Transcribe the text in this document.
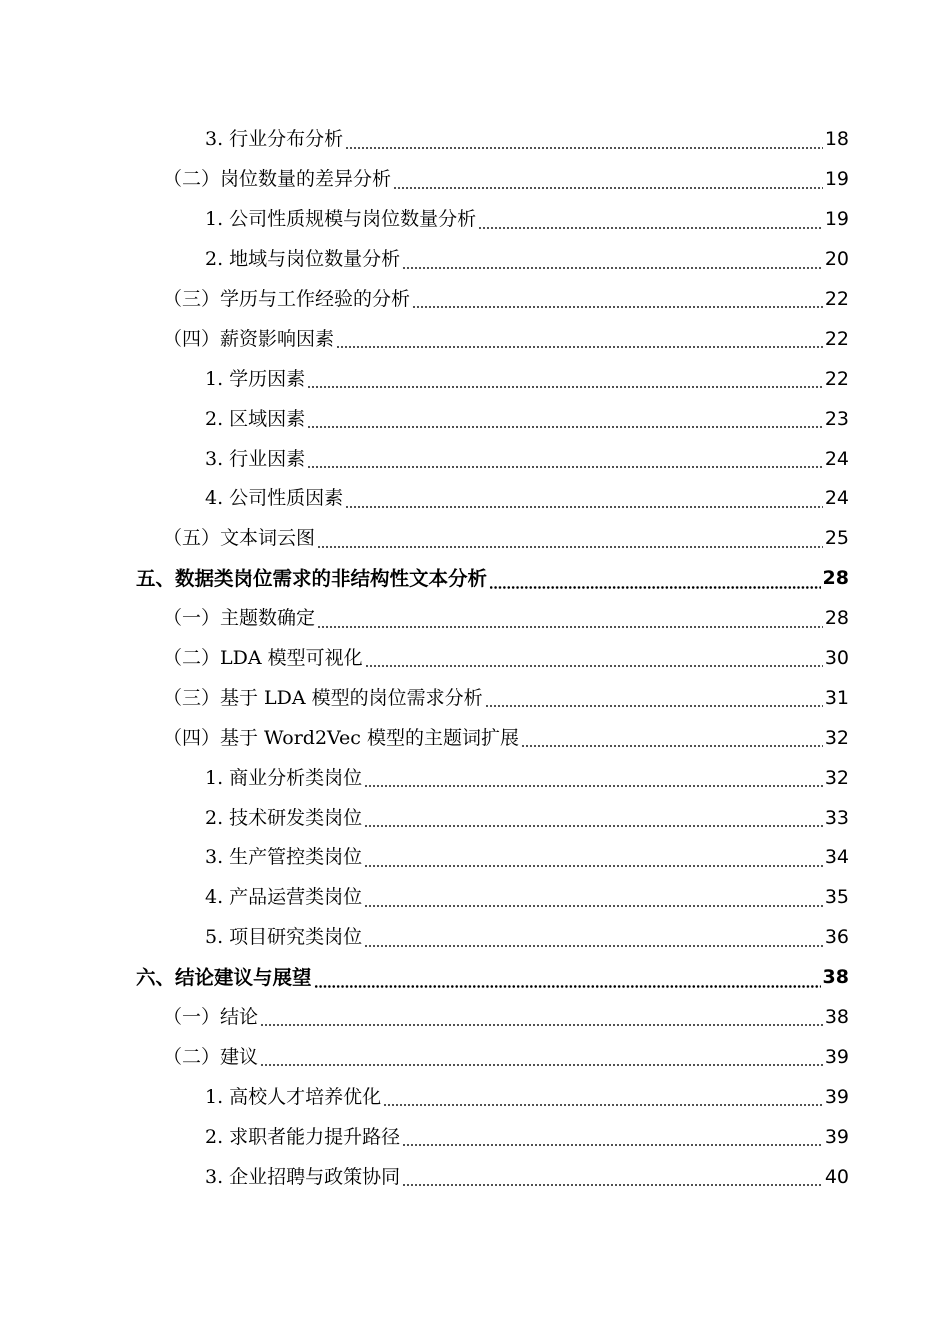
3. 行业分布分析	18
（二）岗位数量的差异分析	19
1. 公司性质规模与岗位数量分析	19
2. 地域与岗位数量分析	20
（三）学历与工作经验的分析	22
（四）薪资影响因素	22
1. 学历因素	22
2. 区域因素	23
3. 行业因素	24
4. 公司性质因素	24
（五）文本词云图	25
五、数据类岗位需求的非结构性文本分析	28
（一）主题数确定	28
（二）LDA 模型可视化	30
（三）基于 LDA 模型的岗位需求分析	31
（四）基于 Word2Vec 模型的主题词扩展	32
1. 商业分析类岗位	32
2. 技术研发类岗位	33
3. 生产管控类岗位	34
4. 产品运营类岗位	35
5. 项目研究类岗位	36
六、结论建议与展望	38
（一）结论	38
（二）建议	39
1. 高校人才培养优化	39
2. 求职者能力提升路径	39
3. 企业招聘与政策协同	40
